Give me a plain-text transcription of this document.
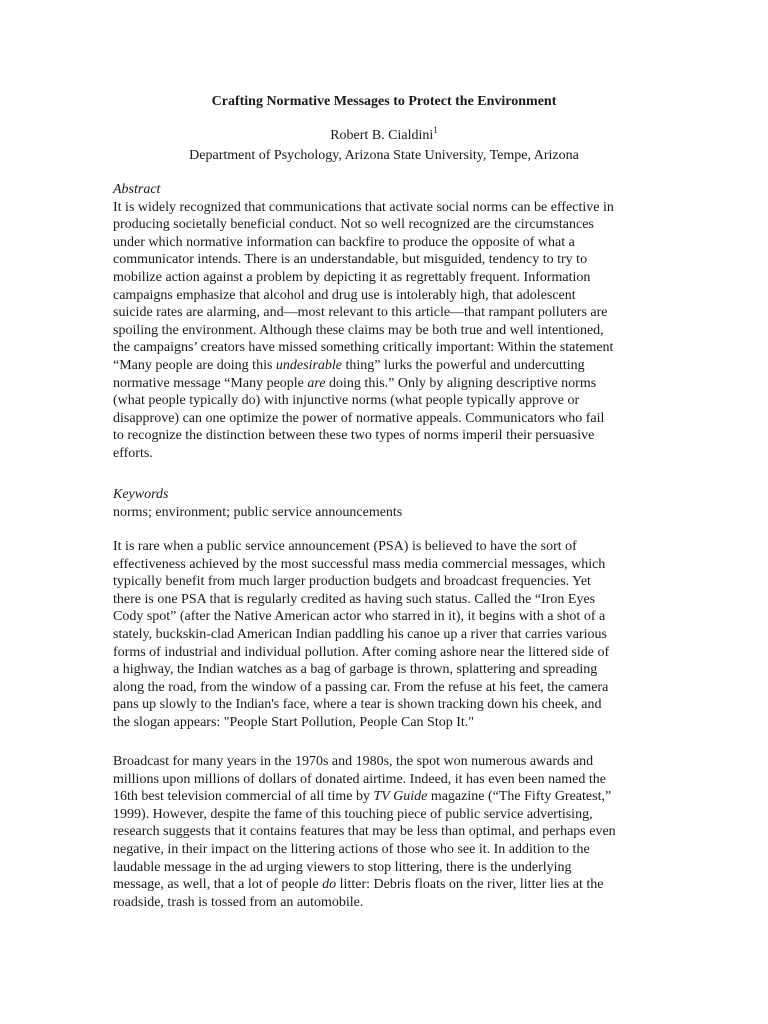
Crafting Normative Messages to Protect the Environment
Robert B. Cialdini$^1$
Department of Psychology, Arizona State University, Tempe, Arizona
Abstract
It is widely recognized that communications that activate social norms can be effective in
producing societally beneficial conduct. Not so well recognized are the circumstances
under which normative information can backfire to produce the opposite of what a
communicator intends. There is an understandable, but misguided, tendency to try to
mobilize action against a problem by depicting it as regrettably frequent. Information
campaigns emphasize that alcohol and drug use is intolerably high, that adolescent
suicide rates are alarming, and—most relevant to this article—that rampant polluters are
spoiling the environment. Although these claims may be both true and well intentioned,
the campaigns’ creators have missed something critically important: Within the statement
“Many people are doing this undesirable thing” lurks the powerful and undercutting
normative message “Many people are doing this.” Only by aligning descriptive norms
(what people typically do) with injunctive norms (what people typically approve or
disapprove) can one optimize the power of normative appeals. Communicators who fail
to recognize the distinction between these two types of norms imperil their persuasive
efforts.
Keywords
norms; environment; public service announcements
It is rare when a public service announcement (PSA) is believed to have the sort of
effectiveness achieved by the most successful mass media commercial messages, which
typically benefit from much larger production budgets and broadcast frequencies. Yet
there is one PSA that is regularly credited as having such status. Called the “Iron Eyes
Cody spot” (after the Native American actor who starred in it), it begins with a shot of a
stately, buckskin-clad American Indian paddling his canoe up a river that carries various
forms of industrial and individual pollution. After coming ashore near the littered side of
a highway, the Indian watches as a bag of garbage is thrown, splattering and spreading
along the road, from the window of a passing car. From the refuse at his feet, the camera
pans up slowly to the Indian's face, where a tear is shown tracking down his cheek, and
the slogan appears: "People Start Pollution, People Can Stop It."
Broadcast for many years in the 1970s and 1980s, the spot won numerous awards and
millions upon millions of dollars of donated airtime. Indeed, it has even been named the
16th best television commercial of all time by TV Guide magazine (“The Fifty Greatest,”
1999). However, despite the fame of this touching piece of public service advertising,
research suggests that it contains features that may be less than optimal, and perhaps even
negative, in their impact on the littering actions of those who see it. In addition to the
laudable message in the ad urging viewers to stop littering, there is the underlying
message, as well, that a lot of people do litter: Debris floats on the river, litter lies at the
roadside, trash is tossed from an automobile.
